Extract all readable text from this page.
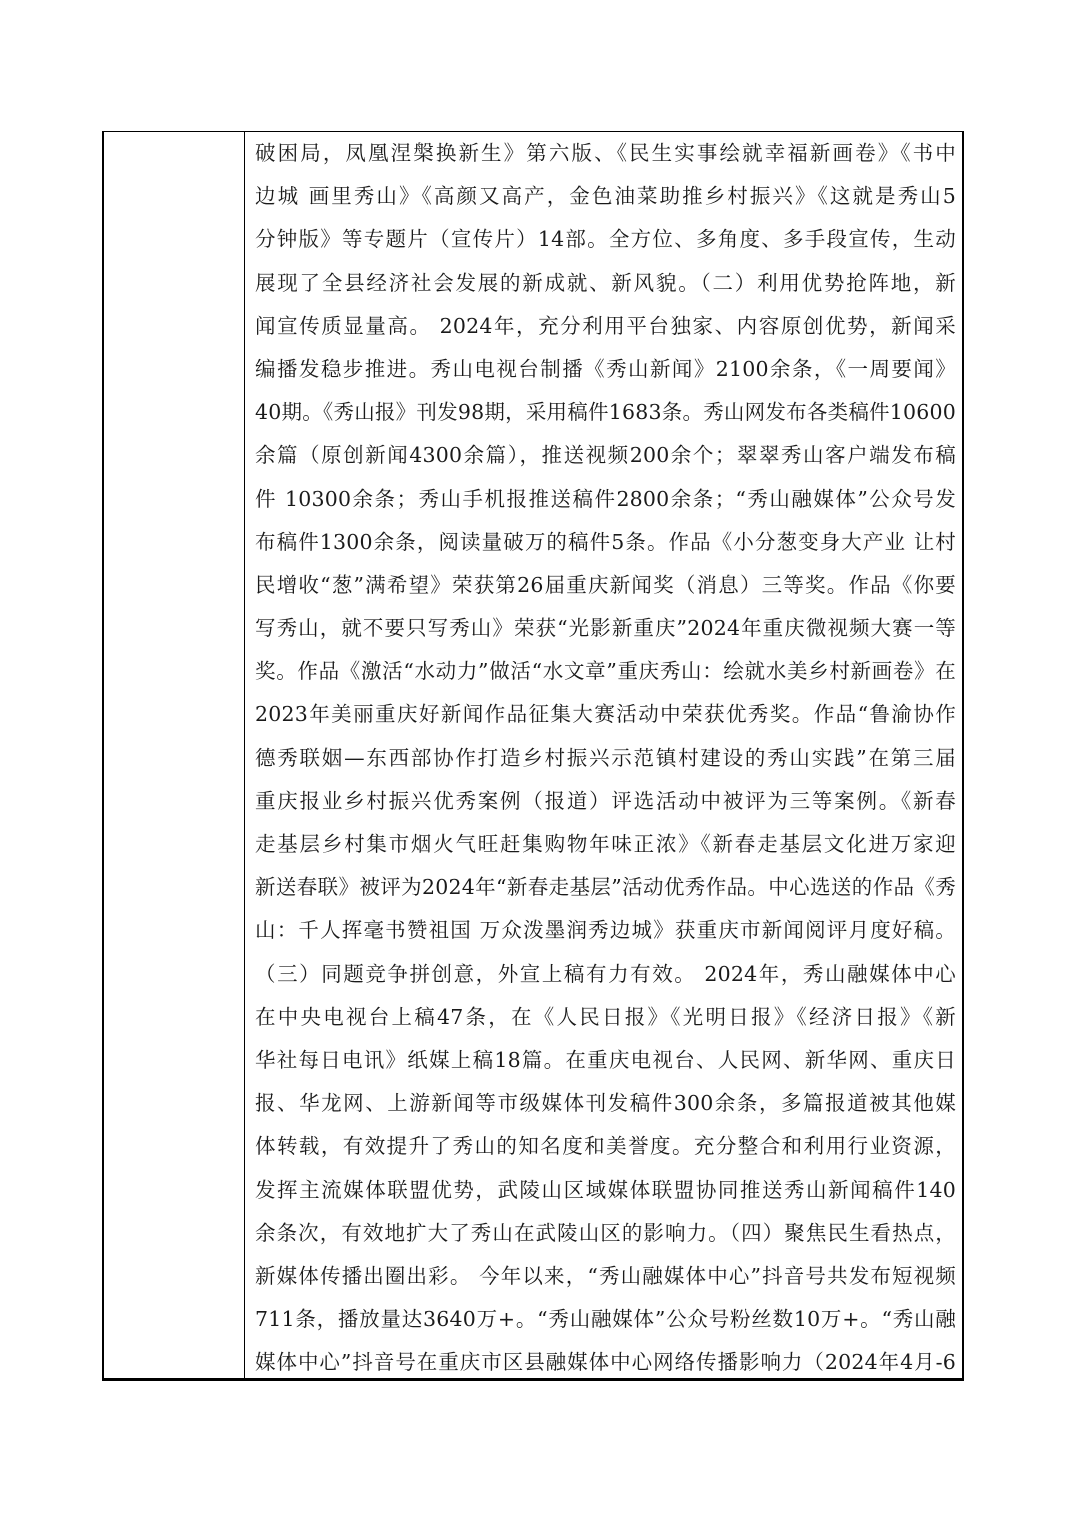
破困局，凤凰涅槃换新生》第六版、《民生实事绘就幸福新画卷》《书中
边城 画里秀山》《高颜又高产，金色油菜助推乡村振兴》《这就是秀山5
分钟版》等专题片（宣传片）14部。全方位、多角度、多手段宣传，生动
展现了全县经济社会发展的新成就、新风貌。（二）利用优势抢阵地，新
闻宣传质显量高。 2024年，充分利用平台独家、内容原创优势，新闻采
编播发稳步推进。秀山电视台制播《秀山新闻》2100余条，《一周要闻》
40期。《秀山报》刊发98期，采用稿件1683条。秀山网发布各类稿件10600
余篇（原创新闻4300余篇），推送视频200余个；翠翠秀山客户端发布稿
件 10300余条；秀山手机报推送稿件2800余条；“秀山融媒体”公众号发
布稿件1300余条，阅读量破万的稿件5条。作品《小分葱变身大产业 让村
民增收“葱”满希望》荣获第26届重庆新闻奖（消息）三等奖。作品《你要
写秀山，就不要只写秀山》荣获“光影新重庆”2024年重庆微视频大赛一等
奖。作品《激活“水动力”做活“水文章”重庆秀山：绘就水美乡村新画卷》在
2023年美丽重庆好新闻作品征集大赛活动中荣获优秀奖。作品“鲁渝协作
德秀联姻—东西部协作打造乡村振兴示范镇村建设的秀山实践”在第三届
重庆报业乡村振兴优秀案例（报道）评选活动中被评为三等案例。《新春
走基层乡村集市烟火气旺赶集购物年味正浓》《新春走基层文化进万家迎
新送春联》被评为2024年“新春走基层”活动优秀作品。中心选送的作品《秀
山：千人挥毫书赞祖国 万众泼墨润秀边城》获重庆市新闻阅评月度好稿。
（三）同题竞争拼创意，外宣上稿有力有效。 2024年，秀山融媒体中心
在中央电视台上稿47条，在《人民日报》《光明日报》《经济日报》《新
华社每日电讯》纸媒上稿18篇。在重庆电视台、人民网、新华网、重庆日
报、华龙网、上游新闻等市级媒体刊发稿件300余条，多篇报道被其他媒
体转载，有效提升了秀山的知名度和美誉度。充分整合和利用行业资源，
发挥主流媒体联盟优势，武陵山区域媒体联盟协同推送秀山新闻稿件140
余条次，有效地扩大了秀山在武陵山区的影响力。（四）聚焦民生看热点，
新媒体传播出圈出彩。 今年以来，“秀山融媒体中心”抖音号共发布短视频
711条，播放量达3640万+。“秀山融媒体”公众号粉丝数10万+。“秀山融
媒体中心”抖音号在重庆市区县融媒体中心网络传播影响力（2024年4月-6
